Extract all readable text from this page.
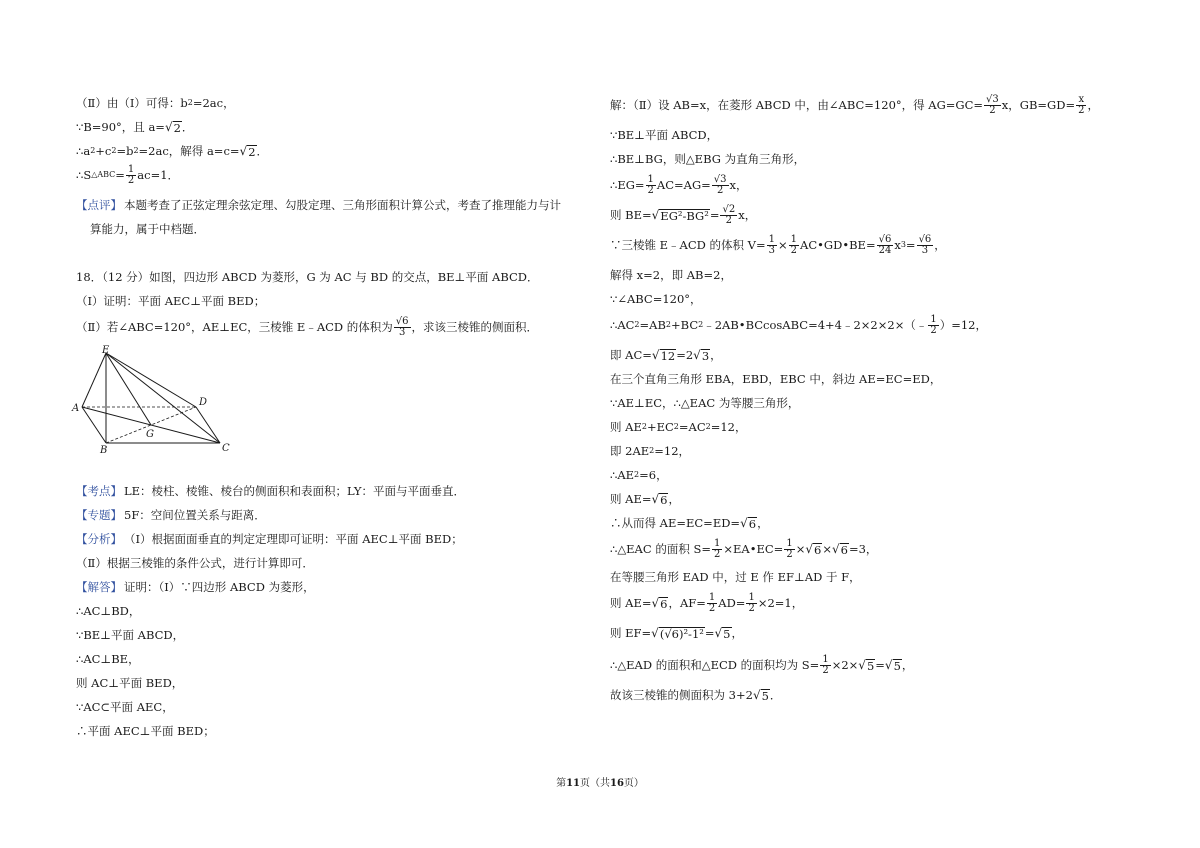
（Ⅱ）由（Ⅰ）可得：b 2 =2ac，
∵B=90°，且 a= √ 2 ．
∴a 2 +c 2 =b 2 =2ac，解得 a=c= √ 2 ．
∴S △ABC = $\frac{1}{2} ac=1$．
【点评】 本题考查了正弦定理余弦定理、勾股定理、三角形面积计算公式，考查了推理能力与计
算能力，属于中档题．
18．（12 分）如图，四边形 ABCD 为菱形，G 为 AC 与 BD 的交点，BE⊥平面 ABCD．
（Ⅰ）证明：平面 AEC⊥平面 BED；
（Ⅱ）若∠ABC=120°，AE⊥EC，三棱锥 E﹣ACD 的体积为 $\frac{√6}{3}$ ，求该三棱锥的侧面积．
【考点】 LE：棱柱、棱锥、棱台的侧面积和表面积；LY：平面与平面垂直．
【专题】 5F：空间位置关系与距离．
【分析】 （Ⅰ）根据面面垂直的判定定理即可证明：平面 AEC⊥平面 BED；
（Ⅱ）根据三棱锥的条件公式，进行计算即可．
【解答】 证明：（Ⅰ）∵四边形 ABCD 为菱形，
∴AC⊥BD，
∵BE⊥平面 ABCD，
∴AC⊥BE，
则 AC⊥平面 BED，
∵AC⊂平面 AEC，
∴平面 AEC⊥平面 BED；
E
A
B	C
D
G
解：（Ⅱ）设 AB=x，在菱形 ABCD 中，由∠ABC=120°，得 $AG=GC= \frac{√3}{2}$ x，$GB=GD= \frac{x}{2}$ ，
∵BE⊥平面 ABCD，
∴BE⊥BG，则△EBG 为直角三角形，
∴EG= $\frac{1}{2} AC=AG= \frac{√3}{2}$ x，
则 BE= √ $EG^2-BG^2 = \frac{√2}{2}$ x，
∵三棱锥 E﹣ACD 的体积 $V= \frac{1}{3} \times \frac{1}{2}$ AC•GD•BE= $\frac{√6}{24}$ x $3 = \frac{√6}{3}$ ，
解得 x=2，即 AB=2，
∵∠ABC=120°，
∴AC 2 =AB 2 +BC 2 ﹣2AB•BCcosABC=4+4﹣2×2×2×（﹣ $\frac{1}{2} )=12$，
即 AC= √ 12 =2 √ 3 ，
在三个直角三角形 EBA，EBD，EBC 中，斜边 AE=EC=ED，
∵AE⊥EC，∴△EAC 为等腰三角形，
则 AE 2 +EC 2 =AC 2 =12，
即 2AE 2 =12，
∴AE 2 =6，
则 AE= √ 6 ，
∴从而得 AE=EC=ED= √ 6 ，
∴△EAC 的面积 $S= \frac{1}{2}$ ×EA•EC= $\frac{1}{2}$ × √ 6 × √ 6 =3，
在等腰三角形 EAD 中，过 E 作 EF⊥AD 于 F，
则 AE= √ 6 ，$AF= \frac{1}{2} AD= \frac{1}{2} \times 2=1$，
则 EF= √ (√6)²-1² = √ 5 ，
∴△EAD 的面积和△ECD 的面积均为 $S= \frac{1}{2} \times 2\times$ √ 5 = √ 5 ，
故该三棱锥的侧面积为 3+2 √ 5 ．
第11页（共16页）
